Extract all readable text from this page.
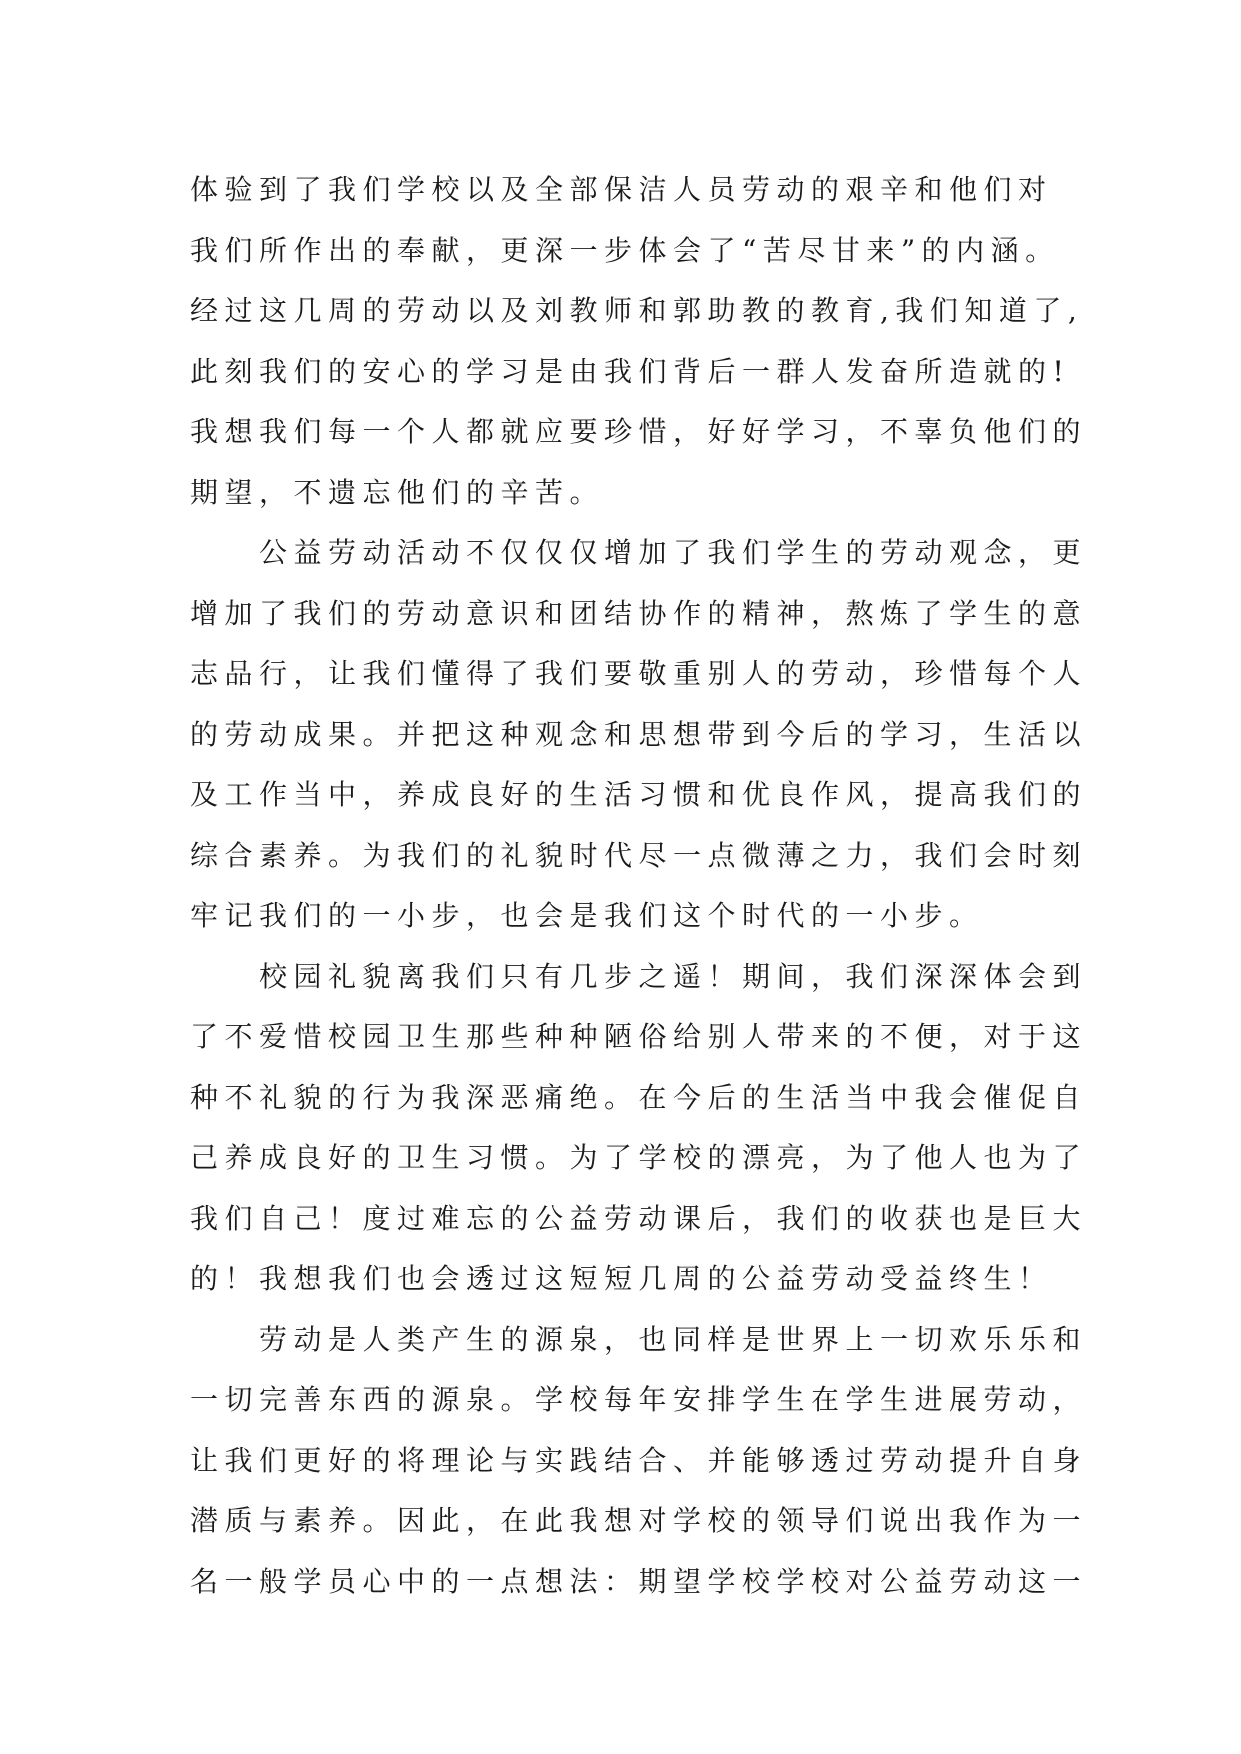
体验到了我们学校以及全部保洁人员劳动的艰辛和他们对
我们所作出的奉献，更深一步体会了“苦尽甘来”的内涵。
经过这几周的劳动以及刘教师和郭助教的教育,我们知道了,
此刻我们的安心的学习是由我们背后一群人发奋所造就的!
我想我们每一个人都就应要珍惜，好好学习，不辜负他们的
期望，不遗忘他们的辛苦。
　　公益劳动活动不仅仅仅增加了我们学生的劳动观念，更
增加了我们的劳动意识和团结协作的精神，熬炼了学生的意
志品行，让我们懂得了我们要敬重别人的劳动，珍惜每个人
的劳动成果。并把这种观念和思想带到今后的学习，生活以
及工作当中，养成良好的生活习惯和优良作风，提高我们的
综合素养。为我们的礼貌时代尽一点微薄之力，我们会时刻
牢记我们的一小步，也会是我们这个时代的一小步。
　　校园礼貌离我们只有几步之遥！期间，我们深深体会到
了不爱惜校园卫生那些种种陋俗给别人带来的不便，对于这
种不礼貌的行为我深恶痛绝。在今后的生活当中我会催促自
己养成良好的卫生习惯。为了学校的漂亮，为了他人也为了
我们自己！度过难忘的公益劳动课后，我们的收获也是巨大
的！我想我们也会透过这短短几周的公益劳动受益终生！
　　劳动是人类产生的源泉，也同样是世界上一切欢乐乐和
一切完善东西的源泉。学校每年安排学生在学生进展劳动，
让我们更好的将理论与实践结合、并能够透过劳动提升自身
潜质与素养。因此，在此我想对学校的领导们说出我作为一
名一般学员心中的一点想法：期望学校学校对公益劳动这一
